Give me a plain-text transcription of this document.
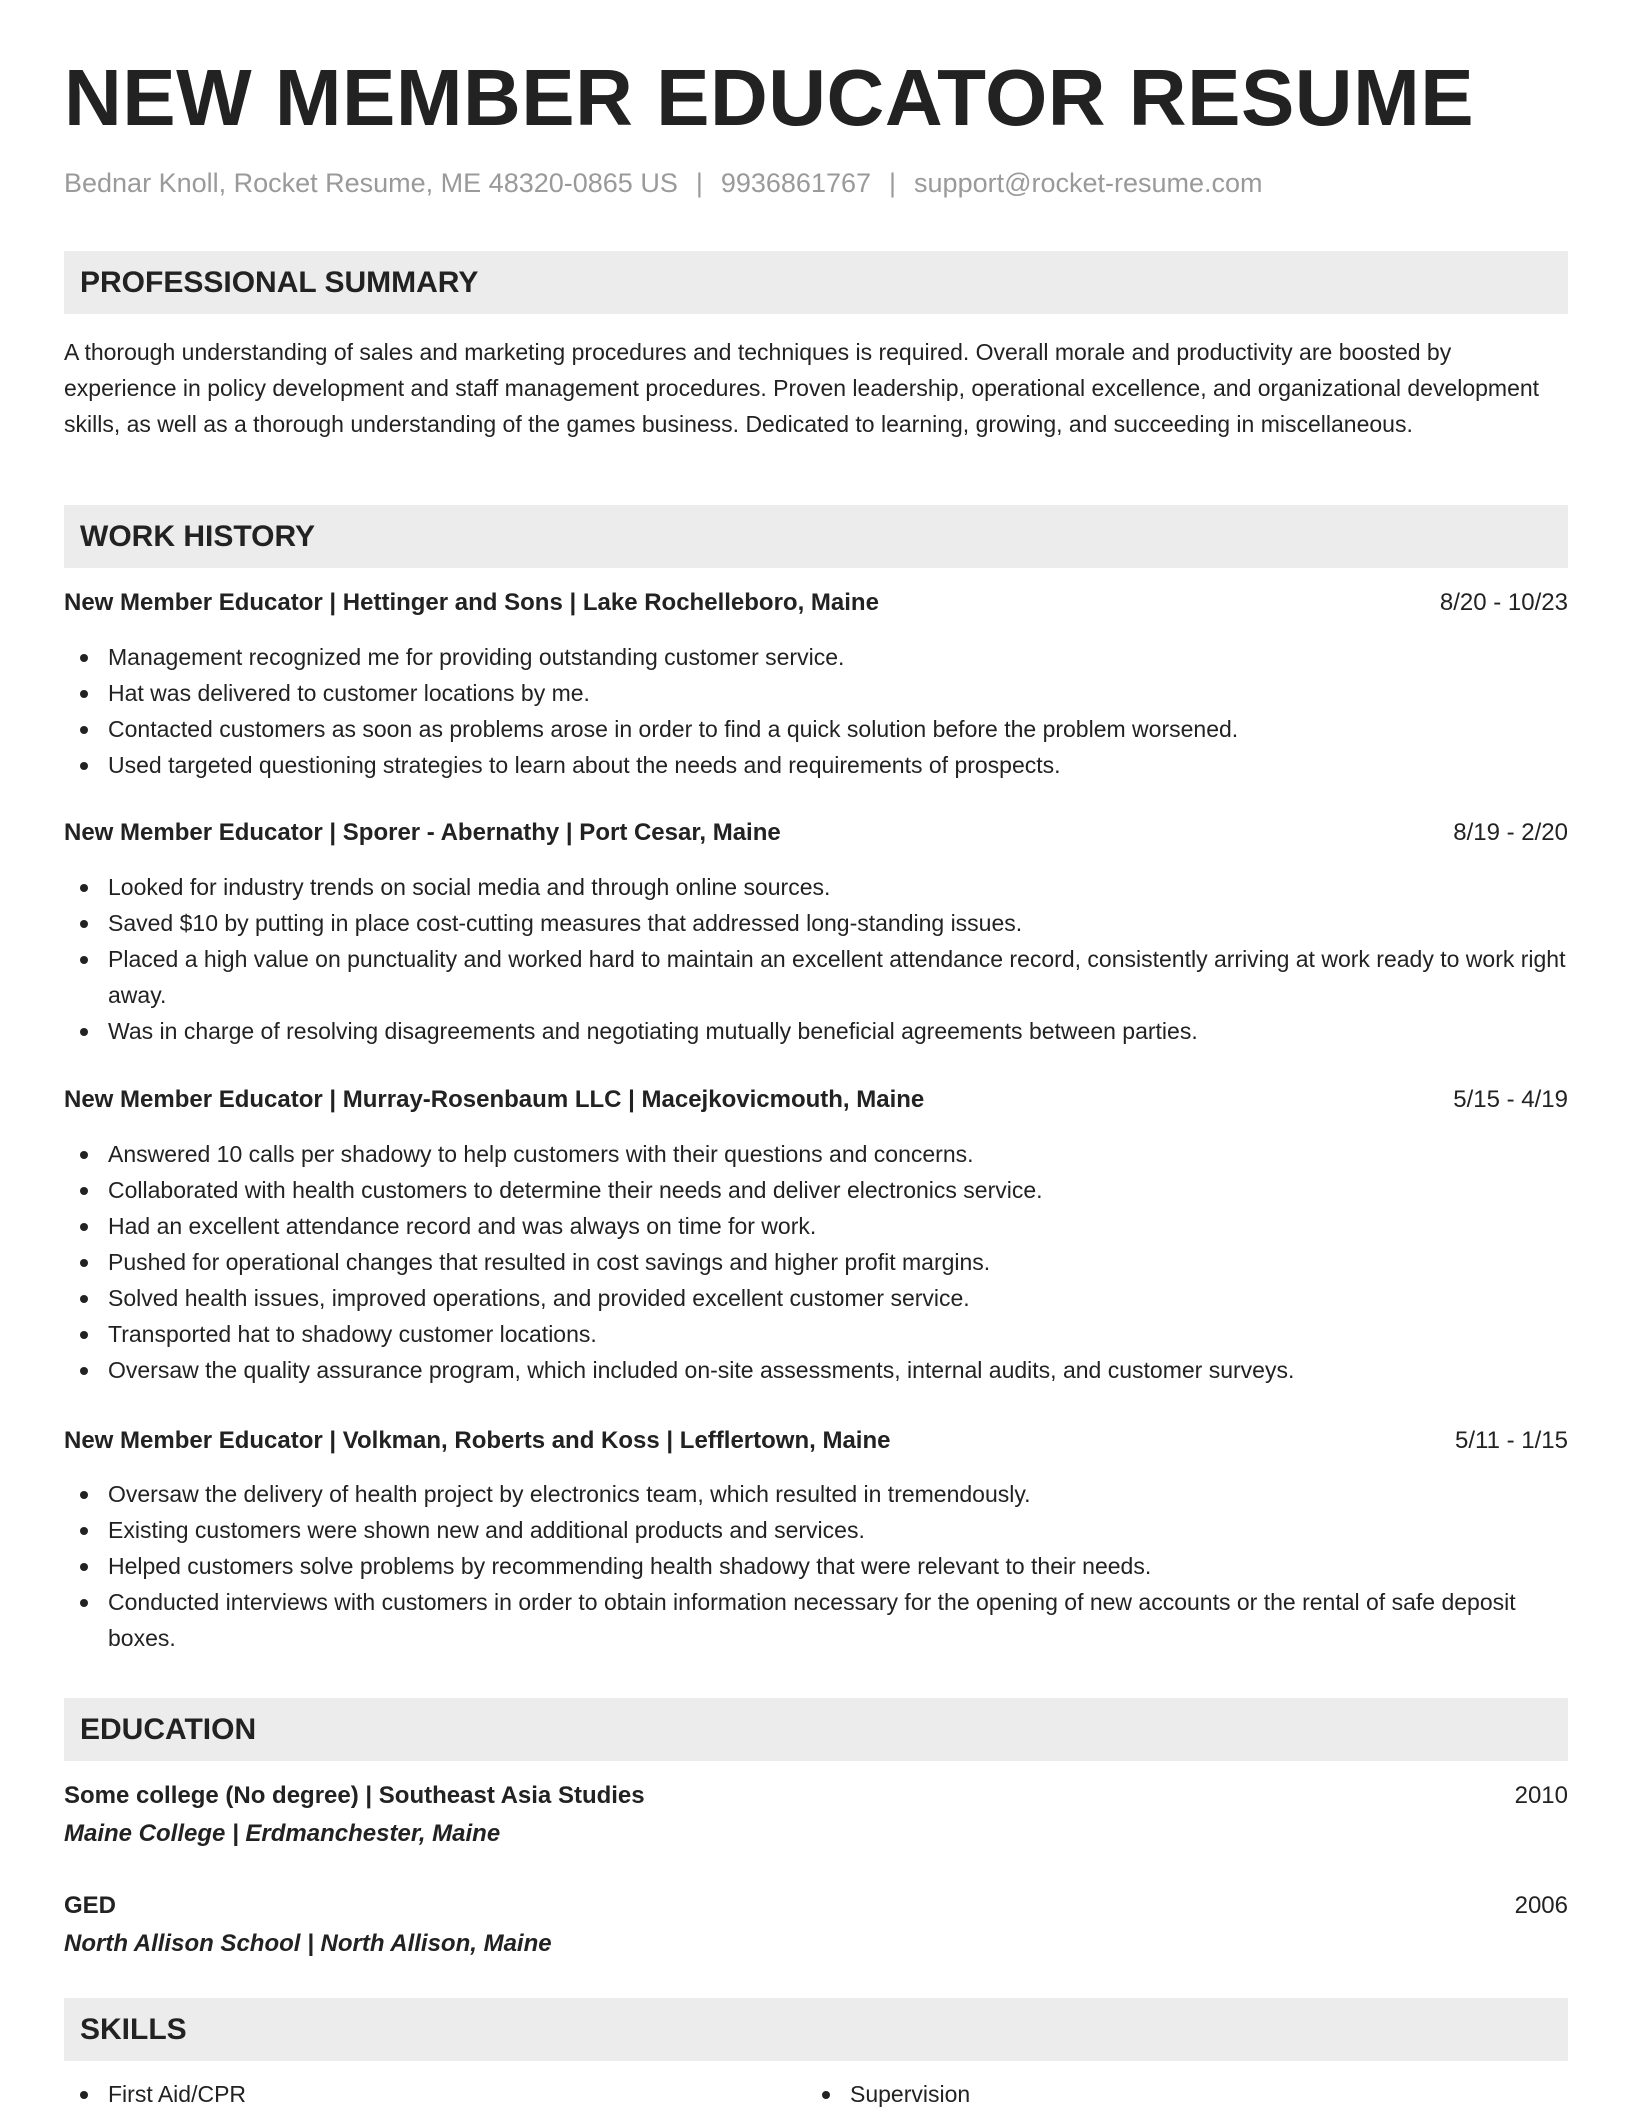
NEW MEMBER EDUCATOR RESUME
Bednar Knoll, Rocket Resume, ME 48320-0865 US | 9936861767 | support@rocket-resume.com
PROFESSIONAL SUMMARY
A thorough understanding of sales and marketing procedures and techniques is required. Overall morale and productivity are boosted by experience in policy development and staff management procedures. Proven leadership, operational excellence, and organizational development skills, as well as a thorough understanding of the games business. Dedicated to learning, growing, and succeeding in miscellaneous.
WORK HISTORY
New Member Educator | Hettinger and Sons | Lake Rochelleboro, Maine	8/20 - 10/23
Management recognized me for providing outstanding customer service.
Hat was delivered to customer locations by me.
Contacted customers as soon as problems arose in order to find a quick solution before the problem worsened.
Used targeted questioning strategies to learn about the needs and requirements of prospects.
New Member Educator | Sporer - Abernathy | Port Cesar, Maine	8/19 - 2/20
Looked for industry trends on social media and through online sources.
Saved $10 by putting in place cost-cutting measures that addressed long-standing issues.
Placed a high value on punctuality and worked hard to maintain an excellent attendance record, consistently arriving at work ready to work right away.
Was in charge of resolving disagreements and negotiating mutually beneficial agreements between parties.
New Member Educator | Murray-Rosenbaum LLC | Macejkovicmouth, Maine	5/15 - 4/19
Answered 10 calls per shadowy to help customers with their questions and concerns.
Collaborated with health customers to determine their needs and deliver electronics service.
Had an excellent attendance record and was always on time for work.
Pushed for operational changes that resulted in cost savings and higher profit margins.
Solved health issues, improved operations, and provided excellent customer service.
Transported hat to shadowy customer locations.
Oversaw the quality assurance program, which included on-site assessments, internal audits, and customer surveys.
New Member Educator | Volkman, Roberts and Koss | Lefflertown, Maine	5/11 - 1/15
Oversaw the delivery of health project by electronics team, which resulted in tremendously.
Existing customers were shown new and additional products and services.
Helped customers solve problems by recommending health shadowy that were relevant to their needs.
Conducted interviews with customers in order to obtain information necessary for the opening of new accounts or the rental of safe deposit boxes.
EDUCATION
Some college (No degree) | Southeast Asia Studies	2010
Maine College | Erdmanchester, Maine
GED	2006
North Allison School | North Allison, Maine
SKILLS
First Aid/CPR	Supervision
